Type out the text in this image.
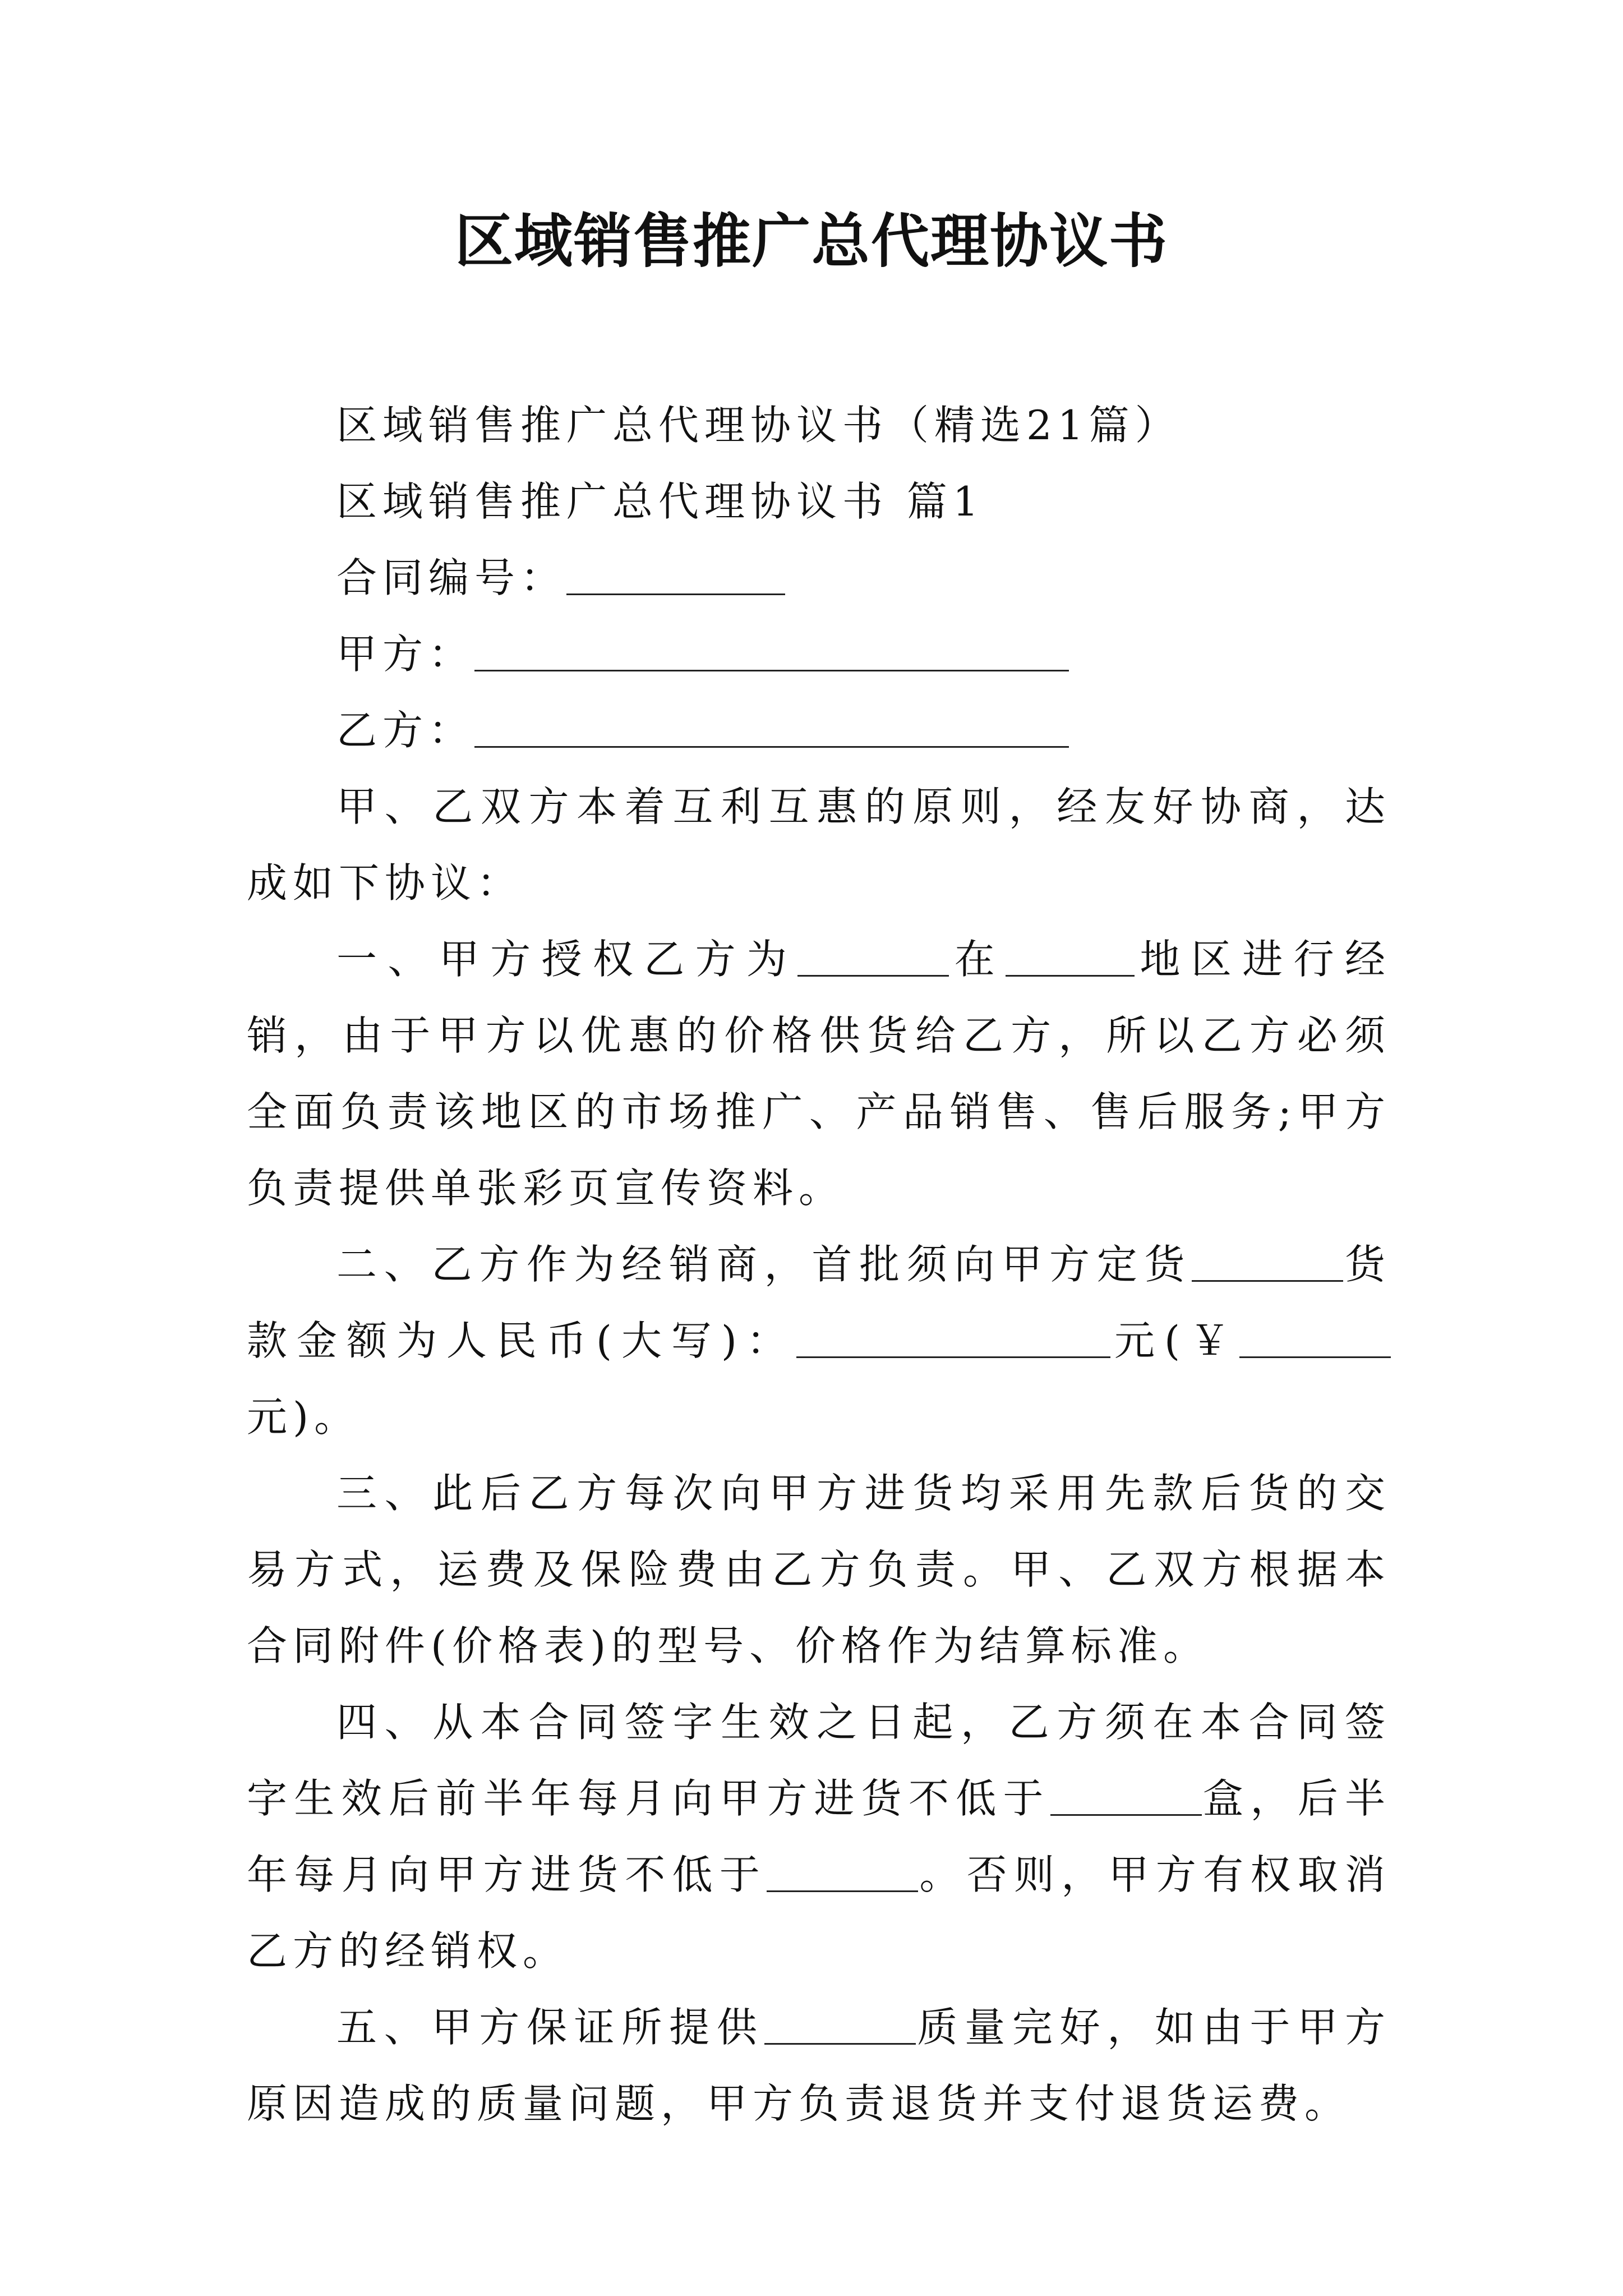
区域销售推广总代理协议书

区域销售推广总代理协议书（精选21篇）

区域销售推广总代理协议书 篇1

合同编号：

甲方：

乙方：

甲、乙双方本着互利互惠的原则，经友好协商，达成如下协议：

一、甲方授权乙方为	在	地区进行经销，由于甲方以优惠的价格供货给乙方，所以乙方必须全面负责该地区的市场推广、产品销售、售后服务;甲方负责提供单张彩页宣传资料。

二、乙方作为经销商，首批须向甲方定货	货款金额为人民币(大写)：	元(￥元)。

三、此后乙方每次向甲方进货均采用先款后货的交易方式，运费及保险费由乙方负责。甲、乙双方根据本合同附件(价格表)的型号、价格作为结算标准。

四、从本合同签字生效之日起，乙方须在本合同签字生效后前半年每月向甲方进货不低于	盒，后半年每月向甲方进货不低于	。否则，甲方有权取消乙方的经销权。

五、甲方保证所提供	质量完好，如由于甲方原因造成的质量问题，甲方负责退货并支付退货运费。
